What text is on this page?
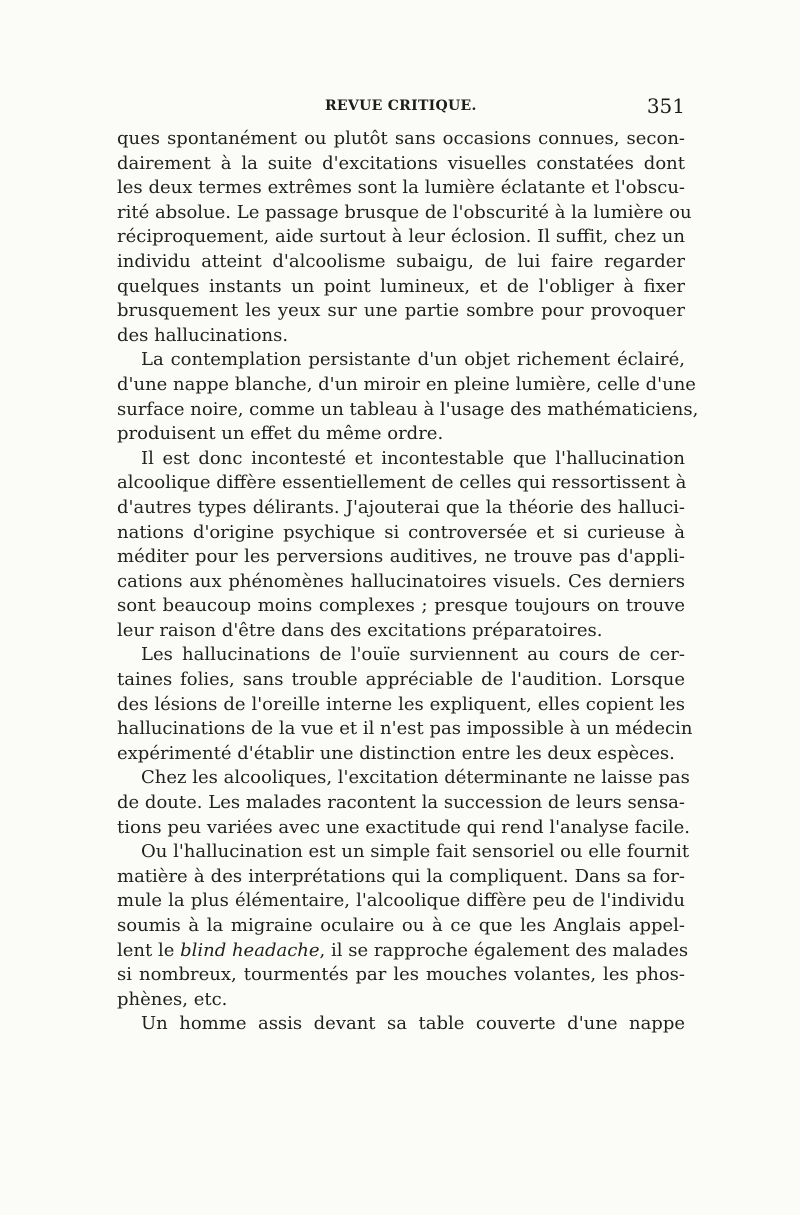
REVUE CRITIQUE.	351
ques spontanément ou plutôt sans occasions connues, secon-
dairement à la suite d'excitations visuelles constatées dont
les deux termes extrêmes sont la lumière éclatante et l'obscu-
rité absolue. Le passage brusque de l'obscurité à la lumière ou
réciproquement, aide surtout à leur éclosion. Il suffit, chez un
individu atteint d'alcoolisme subaigu, de lui faire regarder
quelques instants un point lumineux, et de l'obliger à fixer
brusquement les yeux sur une partie sombre pour provoquer
des hallucinations.
La contemplation persistante d'un objet richement éclairé,
d'une nappe blanche, d'un miroir en pleine lumière, celle d'une
surface noire, comme un tableau à l'usage des mathématiciens,
produisent un effet du même ordre.
Il est donc incontesté et incontestable que l'hallucination
alcoolique diffère essentiellement de celles qui ressortissent à
d'autres types délirants. J'ajouterai que la théorie des halluci-
nations d'origine psychique si controversée et si curieuse à
méditer pour les perversions auditives, ne trouve pas d'appli-
cations aux phénomènes hallucinatoires visuels. Ces derniers
sont beaucoup moins complexes ; presque toujours on trouve
leur raison d'être dans des excitations préparatoires.
Les hallucinations de l'ouïe surviennent au cours de cer-
taines folies, sans trouble appréciable de l'audition. Lorsque
des lésions de l'oreille interne les expliquent, elles copient les
hallucinations de la vue et il n'est pas impossible à un médecin
expérimenté d'établir une distinction entre les deux espèces.
Chez les alcooliques, l'excitation déterminante ne laisse pas
de doute. Les malades racontent la succession de leurs sensa-
tions peu variées avec une exactitude qui rend l'analyse facile.
Ou l'hallucination est un simple fait sensoriel ou elle fournit
matière à des interprétations qui la compliquent. Dans sa for-
mule la plus élémentaire, l'alcoolique diffère peu de l'individu
soumis à la migraine oculaire ou à ce que les Anglais appel-
lent le blind headache, il se rapproche également des malades
si nombreux, tourmentés par les mouches volantes, les phos-
phènes, etc.
Un homme assis devant sa table couverte d'une nappe
